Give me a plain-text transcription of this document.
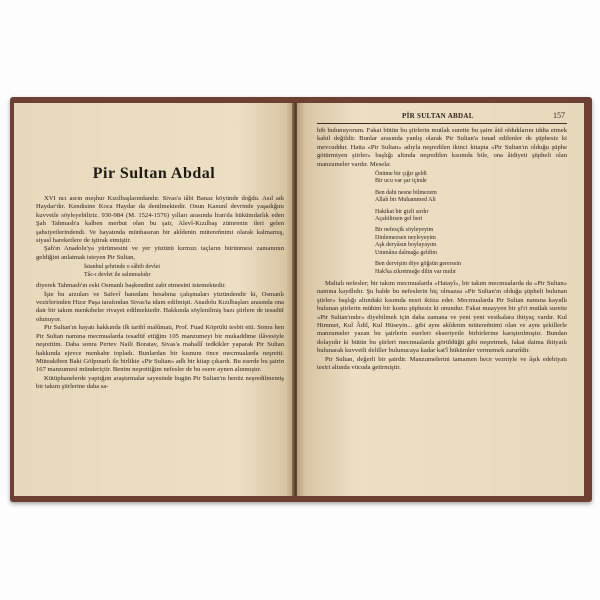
Pir Sultan Abdal

XVI ncı asrın meşhur Kızılbaşlarındandır. Sivas'a tâbi Banaz köyünde doğdu. Asıl adı Haydar'dır. Kendisine Koca Haydar da denilmektedir. Onun Kanunî devrinde yaşadığını kuvvetle söyleyebiliriz. 930-984 (M. 1524-1576) yılları arasında İran'da hükümdarlık eden Şah Tahmasb'a kalben merbut olan bu şair, Alevî-Kızılbaş zümrenin ileri gelen şahsiyetlerindendi. Ve hayatında münhasıran bir akîdenin mütereñnimi olarak kalmamış, siyasî hareketlere de iştirak etmiştir.

Şah'ın Anadolu'ya yürümesini ve yer yüzünü kırmızı taçların bürünmesi zamanının geldiğini anlatmak isteyen Pir Sultan,

İstanbul şehrinde o sâhib devlet
Tâc-ı devlet ile salınmalıdır

diyerek Tahmasb'ın eski Osmanlı başkendini zabt etmesini istemektedir.

İşte bu arzuları ve Safevî hanedanı hesabına çalışmaları yüzündendir ki, Osmanlı vezirlerinden Hızır Paşa tarafından Sivas'ta idam edilmişti. Anadolu Kızılbaşları arasında ona dair bir takım menkıbeler rivayet edilmektedir. Hakkında söylenilmiş bazı şiirlere de tesadüf olunuyor.

Pir Sultan'ın hayatı hakkında ilk tarihî malûmatı, Prof. Fuad Köprülü tesbit etti. Sonra hen Pir Sultan namına mecmualarda tesadüf ettiğim 105 manzumeyi bir mukaddime ilâvesiyle neşrettim. Daha sonra Pertev Naili Boratav, Sivas'a mahallî tedkikler yaparak Pir Sultan hakkında ejevce menkabe topladı. Bunlardan bir kısmını önce mecmualarda neşretti. Müteakiben Baki Gölpınarlı ile birlikte «Pir Sultan» adlı bir kitap çıkardı. Bu eserde bu şairin 167 manzumesi münderiçtir. Benim neşrettiğim nefesler de bu esere aynen alınmıştır.

Kütüphanelerde yaptığım araştırmalar sayesinde bugün Pir Sultan'ın henüz neşredilmemiş bir takım şiirlerine daha sa-

PİR SULTAN ABDAL	157

hib bulunuyorum. Fakat bütün bu şiirlerin mutlak surette bu şaire âid olduklarını iddia etmek kabil değildir. Bunlar arasında yanlış olarak Pir Sultan'a isnad edilenler de şüphesiz ki mevcuddur. Hatta «Pir Sultan» adıyla neşredilen ikinci kitapta «Pir Sultan'ın olduğu şüphe götürmiyen şiirler» başlığı altında neşredilen kısımda bile, ona âidiyeti şüpheli olan manzumeler vardır. Mesela:

Önüme bir çığır geldi
Bir ucu var şar içinde
Ben dahi nesne bilmezem
Allah bir Muhammed Ali
Hakikat bir gizli sırdır
Açabilirsen gel beri
Bir nefesçik söyleyeyim
Dinlemezsen neyleyeyim
Aşk deryâsın boylayayım
Ummâna dalmağa geldim
Ben dervişim diye göğsün gererssin
Hak'ka zikretmeğe dilin var mıdır

Maltalı nefesler; bir takım mecmualarda «Hatayî», bir takım mecmualarda da «Pir Sultan» namına kaydlıdır. Şu halde bu nefeslerin hiç olmazsa «Pir Sultan'ın olduğu şüpheli bulunan şiirler» başlığı altındaki kısımda nesri iktiza eder. Mecmualarda Pir Sultan namına kayıdlı bulunan şiirlerin mühim bir kısmı şüphesiz ki onundur. Fakat muayyen bir şi'ri mutlak surette «Pir Sultan'ındır» diyebilmek için daha zamana ve yeni yeni vesikalara ihtiyaç vardır. Kul Himmet, Kul Âdil, Kul Hüseyin... gibi aynı akîdenin mütereñnimi olan ve aynı şekillerle manzumeler yazan bu şairlerin eserleri ekseriyetle birbirlerine karıştırılmıştır. Bundan dolayıdır ki bütün bu şiirleri mecmualarda görüldüğü gibi neşretmek, fakat daima ihtiyatlı bulunarak kuvvetli deliller bulunucaya kadar kat'î hükümler vermemek zarurîdir.

Pir Sultan, değerli bir şairdir. Manzumelerini tamamen hece vezniyle ve âşık edebiyatı tesiri altında vücuda getirmiştir.
